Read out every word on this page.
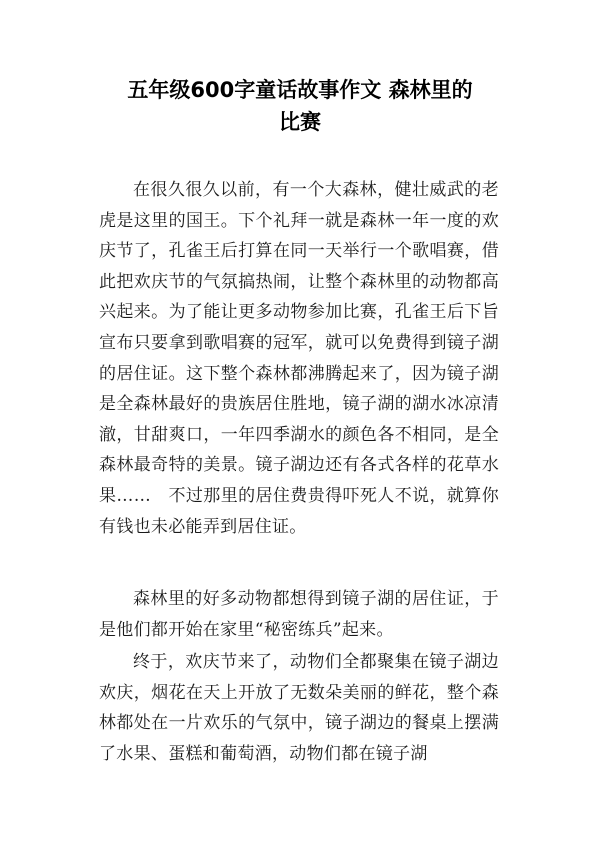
五年级600字童话故事作文 森林里的
比赛

在很久很久以前，有一个大森林，健壮威武的老虎是这里的国王。下个礼拜一就是森林一年一度的欢庆节了，孔雀王后打算在同一天举行一个歌唱赛，借此把欢庆节的气氛搞热闹，让整个森林里的动物都高兴起来。为了能让更多动物参加比赛，孔雀王后下旨宣布只要拿到歌唱赛的冠军，就可以免费得到镜子湖的居住证。这下整个森林都沸腾起来了，因为镜子湖是全森林最好的贵族居住胜地，镜子湖的湖水冰凉清澈，甘甜爽口，一年四季湖水的颜色各不相同，是全森林最奇特的美景。镜子湖边还有各式各样的花草水果……　不过那里的居住费贵得吓死人不说，就算你有钱也未必能弄到居住证。

森林里的好多动物都想得到镜子湖的居住证，于是他们都开始在家里“秘密练兵”起来。

终于，欢庆节来了，动物们全都聚集在镜子湖边欢庆，烟花在天上开放了无数朵美丽的鲜花，整个森林都处在一片欢乐的气氛中，镜子湖边的餐桌上摆满了水果、蛋糕和葡萄酒，动物们都在镜子湖
